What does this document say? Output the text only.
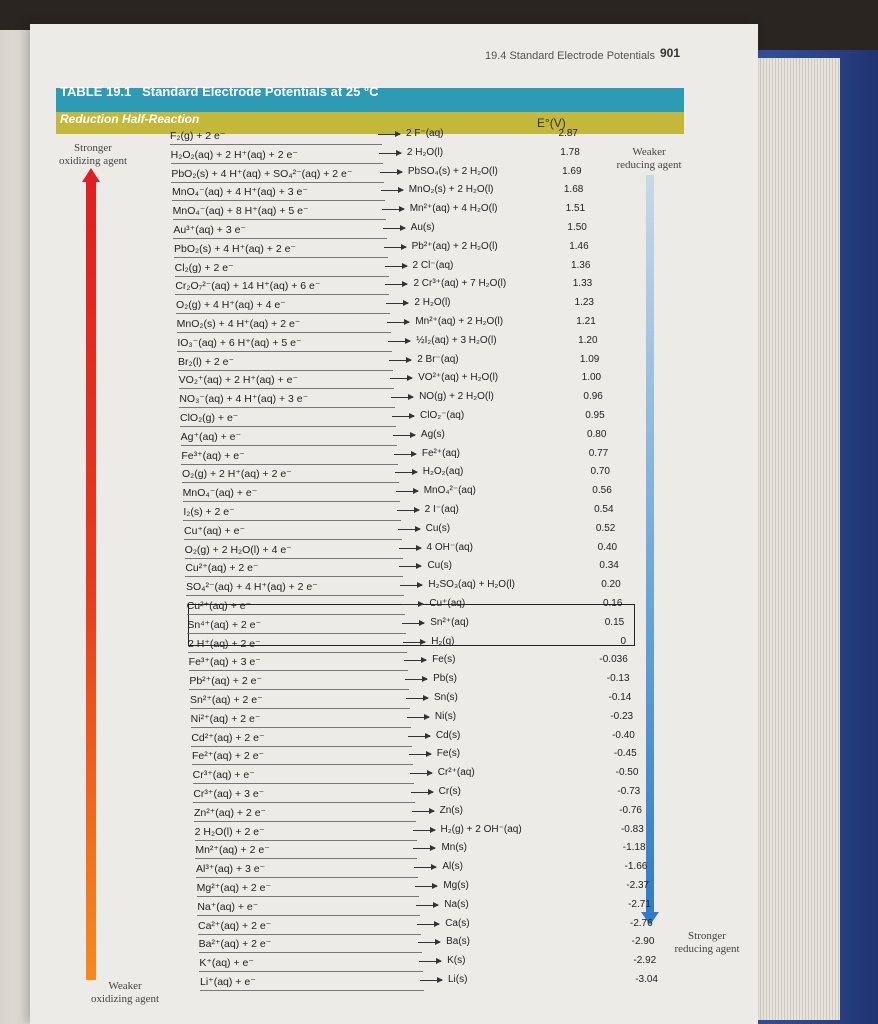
19.4 Standard Electrode Potentials 901
TABLE 19.1 Standard Electrode Potentials at 25 °C
Reduction Half-Reaction	E°(V)
Stronger
oxidizing agent
Weaker
reducing agent
Weaker
oxidizing agent
Stronger
reducing agent
F₂(g) + 2 e⁻	→ 2 F⁻(aq)	2.87
H₂O₂(aq) + 2 H⁺(aq) + 2 e⁻	→ 2 H₂O(l)	1.78
PbO₂(s) + 4 H⁺(aq) + SO₄²⁻(aq) + 2 e⁻ → PbSO₄(s) + 2 H₂O(l)	1.69
MnO₄⁻(aq) + 4 H⁺(aq) + 3 e⁻	→ MnO₂(s) + 2 H₂O(l)	1.68
MnO₄⁻(aq) + 8 H⁺(aq) + 5 e⁻	→ Mn²⁺(aq) + 4 H₂O(l)	1.51
Au³⁺(aq) + 3 e⁻	→ Au(s)	1.50
PbO₂(s) + 4 H⁺(aq) + 2 e⁻	→ Pb²⁺(aq) + 2 H₂O(l)	1.46
Cl₂(g) + 2 e⁻	→ 2 Cl⁻(aq)	1.36
Cr₂O₇²⁻(aq) + 14 H⁺(aq) + 6 e⁻	→ 2 Cr³⁺(aq) + 7 H₂O(l)	1.33
O₂(g) + 4 H⁺(aq) + 4 e⁻	→ 2 H₂O(l)	1.23
MnO₂(s) + 4 H⁺(aq) + 2 e⁻	→ Mn²⁺(aq) + 2 H₂O(l)	1.21
IO₃⁻(aq) + 6 H⁺(aq) + 5 e⁻	→ ½I₂(aq) + 3 H₂O(l)	1.20
Br₂(l) + 2 e⁻	→ 2 Br⁻(aq)	1.09
VO₂⁺(aq) + 2 H⁺(aq) + e⁻	→ VO²⁺(aq) + H₂O(l)	1.00
NO₃⁻(aq) + 4 H⁺(aq) + 3 e⁻	→ NO(g) + 2 H₂O(l)	0.96
ClO₂(g) + e⁻	→ ClO₂⁻(aq)	0.95
Ag⁺(aq) + e⁻	→ Ag(s)	0.80
Fe³⁺(aq) + e⁻	→ Fe²⁺(aq)	0.77
O₂(g) + 2 H⁺(aq) + 2 e⁻	→ H₂O₂(aq)	0.70
MnO₄⁻(aq) + e⁻	→ MnO₄²⁻(aq)	0.56
I₂(s) + 2 e⁻	→ 2 I⁻(aq)	0.54
Cu⁺(aq) + e⁻	→ Cu(s)	0.52
O₂(g) + 2 H₂O(l) + 4 e⁻	→ 4 OH⁻(aq)	0.40
Cu²⁺(aq) + 2 e⁻	→ Cu(s)	0.34
SO₄²⁻(aq) + 4 H⁺(aq) + 2 e⁻	→ H₂SO₃(aq) + H₂O(l)	0.20
Cu²⁺(aq) + e⁻	→ Cu⁺(aq)	0.16
Sn⁴⁺(aq) + 2 e⁻	→ Sn²⁺(aq)	0.15
2 H⁺(aq) + 2 e⁻	→ H₂(g)	0
Fe³⁺(aq) + 3 e⁻	→ Fe(s)	-0.036
Pb²⁺(aq) + 2 e⁻	→ Pb(s)	-0.13
Sn²⁺(aq) + 2 e⁻	→ Sn(s)	-0.14
Ni²⁺(aq) + 2 e⁻	→ Ni(s)	-0.23
Cd²⁺(aq) + 2 e⁻	→ Cd(s)	-0.40
Fe²⁺(aq) + 2 e⁻	→ Fe(s)	-0.45
Cr³⁺(aq) + e⁻	→ Cr²⁺(aq)	-0.50
Cr³⁺(aq) + 3 e⁻	→ Cr(s)	-0.73
Zn²⁺(aq) + 2 e⁻	→ Zn(s)	-0.76
2 H₂O(l) + 2 e⁻	→ H₂(g) + 2 OH⁻(aq)	-0.83
Mn²⁺(aq) + 2 e⁻	→ Mn(s)	-1.18
Al³⁺(aq) + 3 e⁻	→ Al(s)	-1.66
Mg²⁺(aq) + 2 e⁻	→ Mg(s)	-2.37
Na⁺(aq) + e⁻	→ Na(s)	-2.71
Ca²⁺(aq) + 2 e⁻	→ Ca(s)	-2.76
Ba²⁺(aq) + 2 e⁻	→ Ba(s)	-2.90
K⁺(aq) + e⁻	→ K(s)	-2.92
Li⁺(aq) + e⁻	→ Li(s)	-3.04
